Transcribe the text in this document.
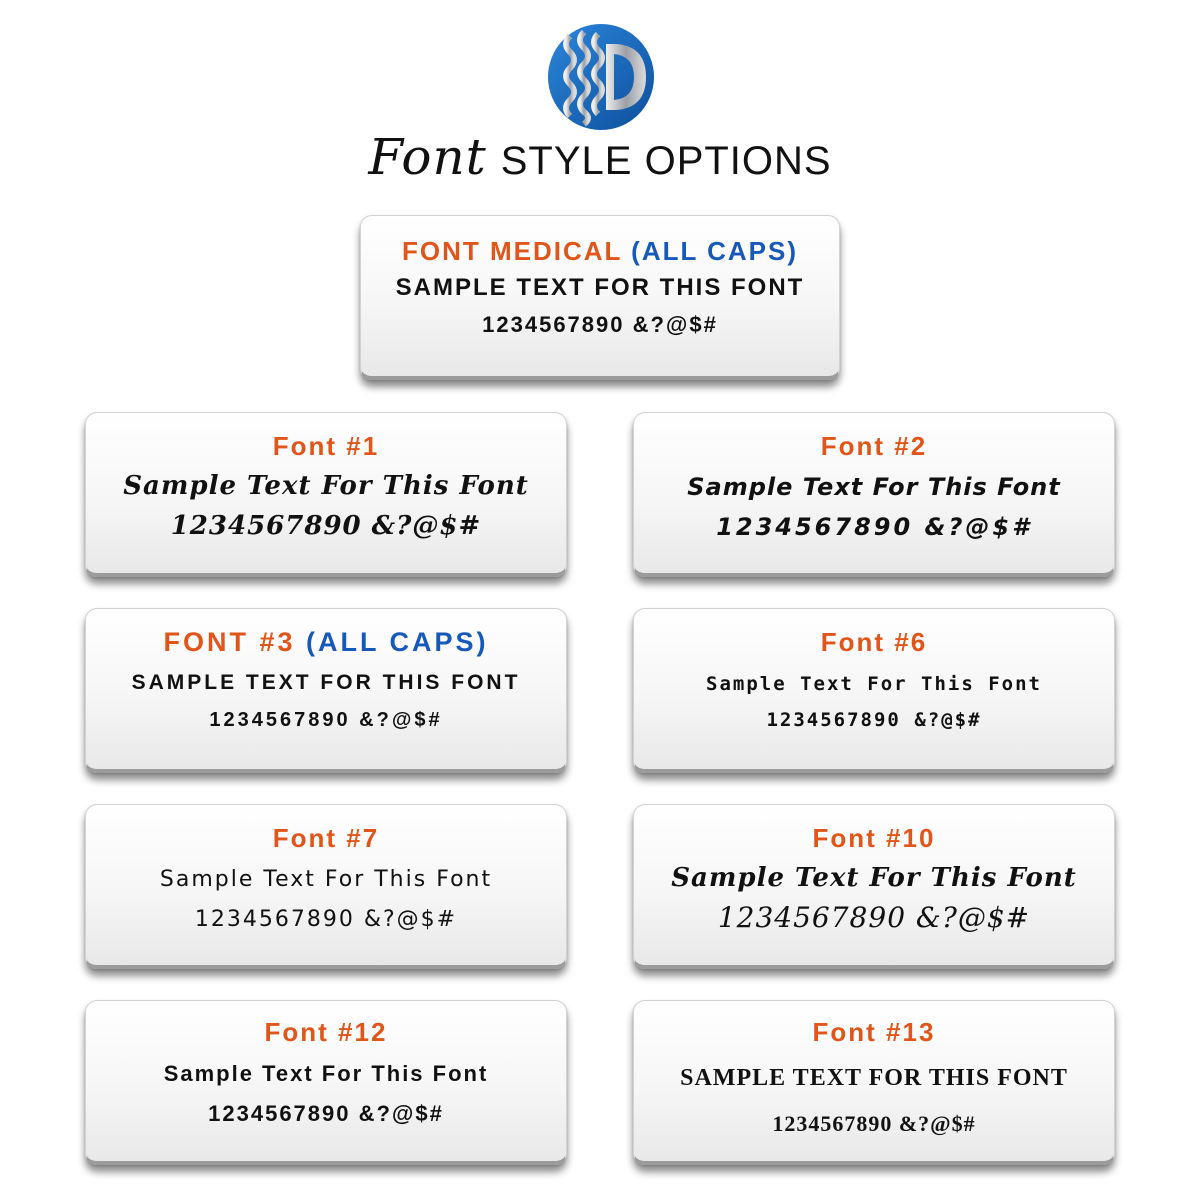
Font STYLE OPTIONS
FONT MEDICAL (ALL CAPS)
SAMPLE TEXT FOR THIS FONT
1234567890 &?@$#
Font #1
Sample Text For This Font
1234567890 &?@$#
Font #2
Sample Text For This Font
1234567890 &?@$#
FONT #3 (ALL CAPS)
SAMPLE TEXT FOR THIS FONT
1234567890 &?@$#
Font #6
Sample Text For This Font
1234567890 &?@$#
Font #7
Sample Text For This Font
1234567890 &?@$#
Font #10
Sample Text For This Font
1234567890 &?@$#
Font #12
Sample Text For This Font
1234567890 &?@$#
Font #13
SAMPLE TEXT FOR THIS FONT
1234567890 &?@$#
